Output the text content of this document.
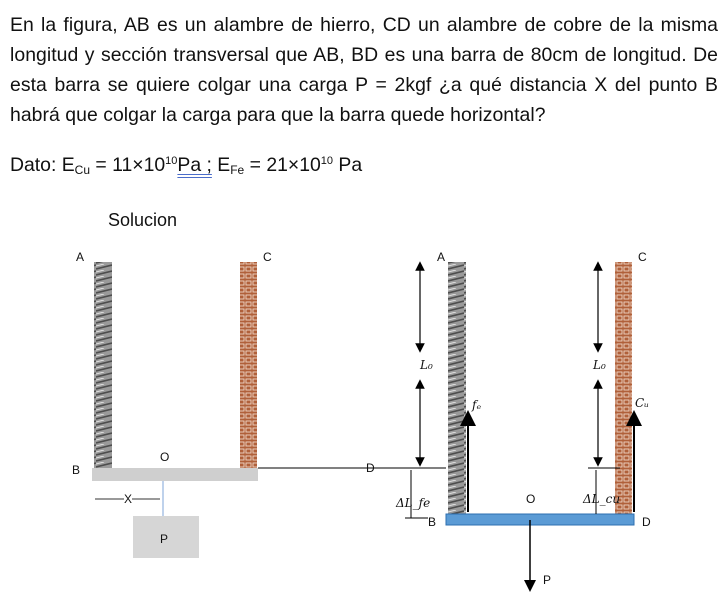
En la figura, AB es un alambre de hierro, CD un alambre de cobre de la misma longitud y sección transversal que AB, BD es una barra de 80cm de longitud. De esta barra se quiere colgar una carga P = 2kgf ¿a qué distancia X del punto B habrá que colgar la carga para que la barra quede horizontal?
Dato: $E_{Cu} = 11\times 10^{10}Pa$ ; $E_{Fe} = 21\times 10^{10}$ Pa
Solucion
A	C
B
O
D
X
P
A	C
B
O
D
P
L₀	L₀
fₑ	Cᵤ
ΔL_fe	ΔL_cu
